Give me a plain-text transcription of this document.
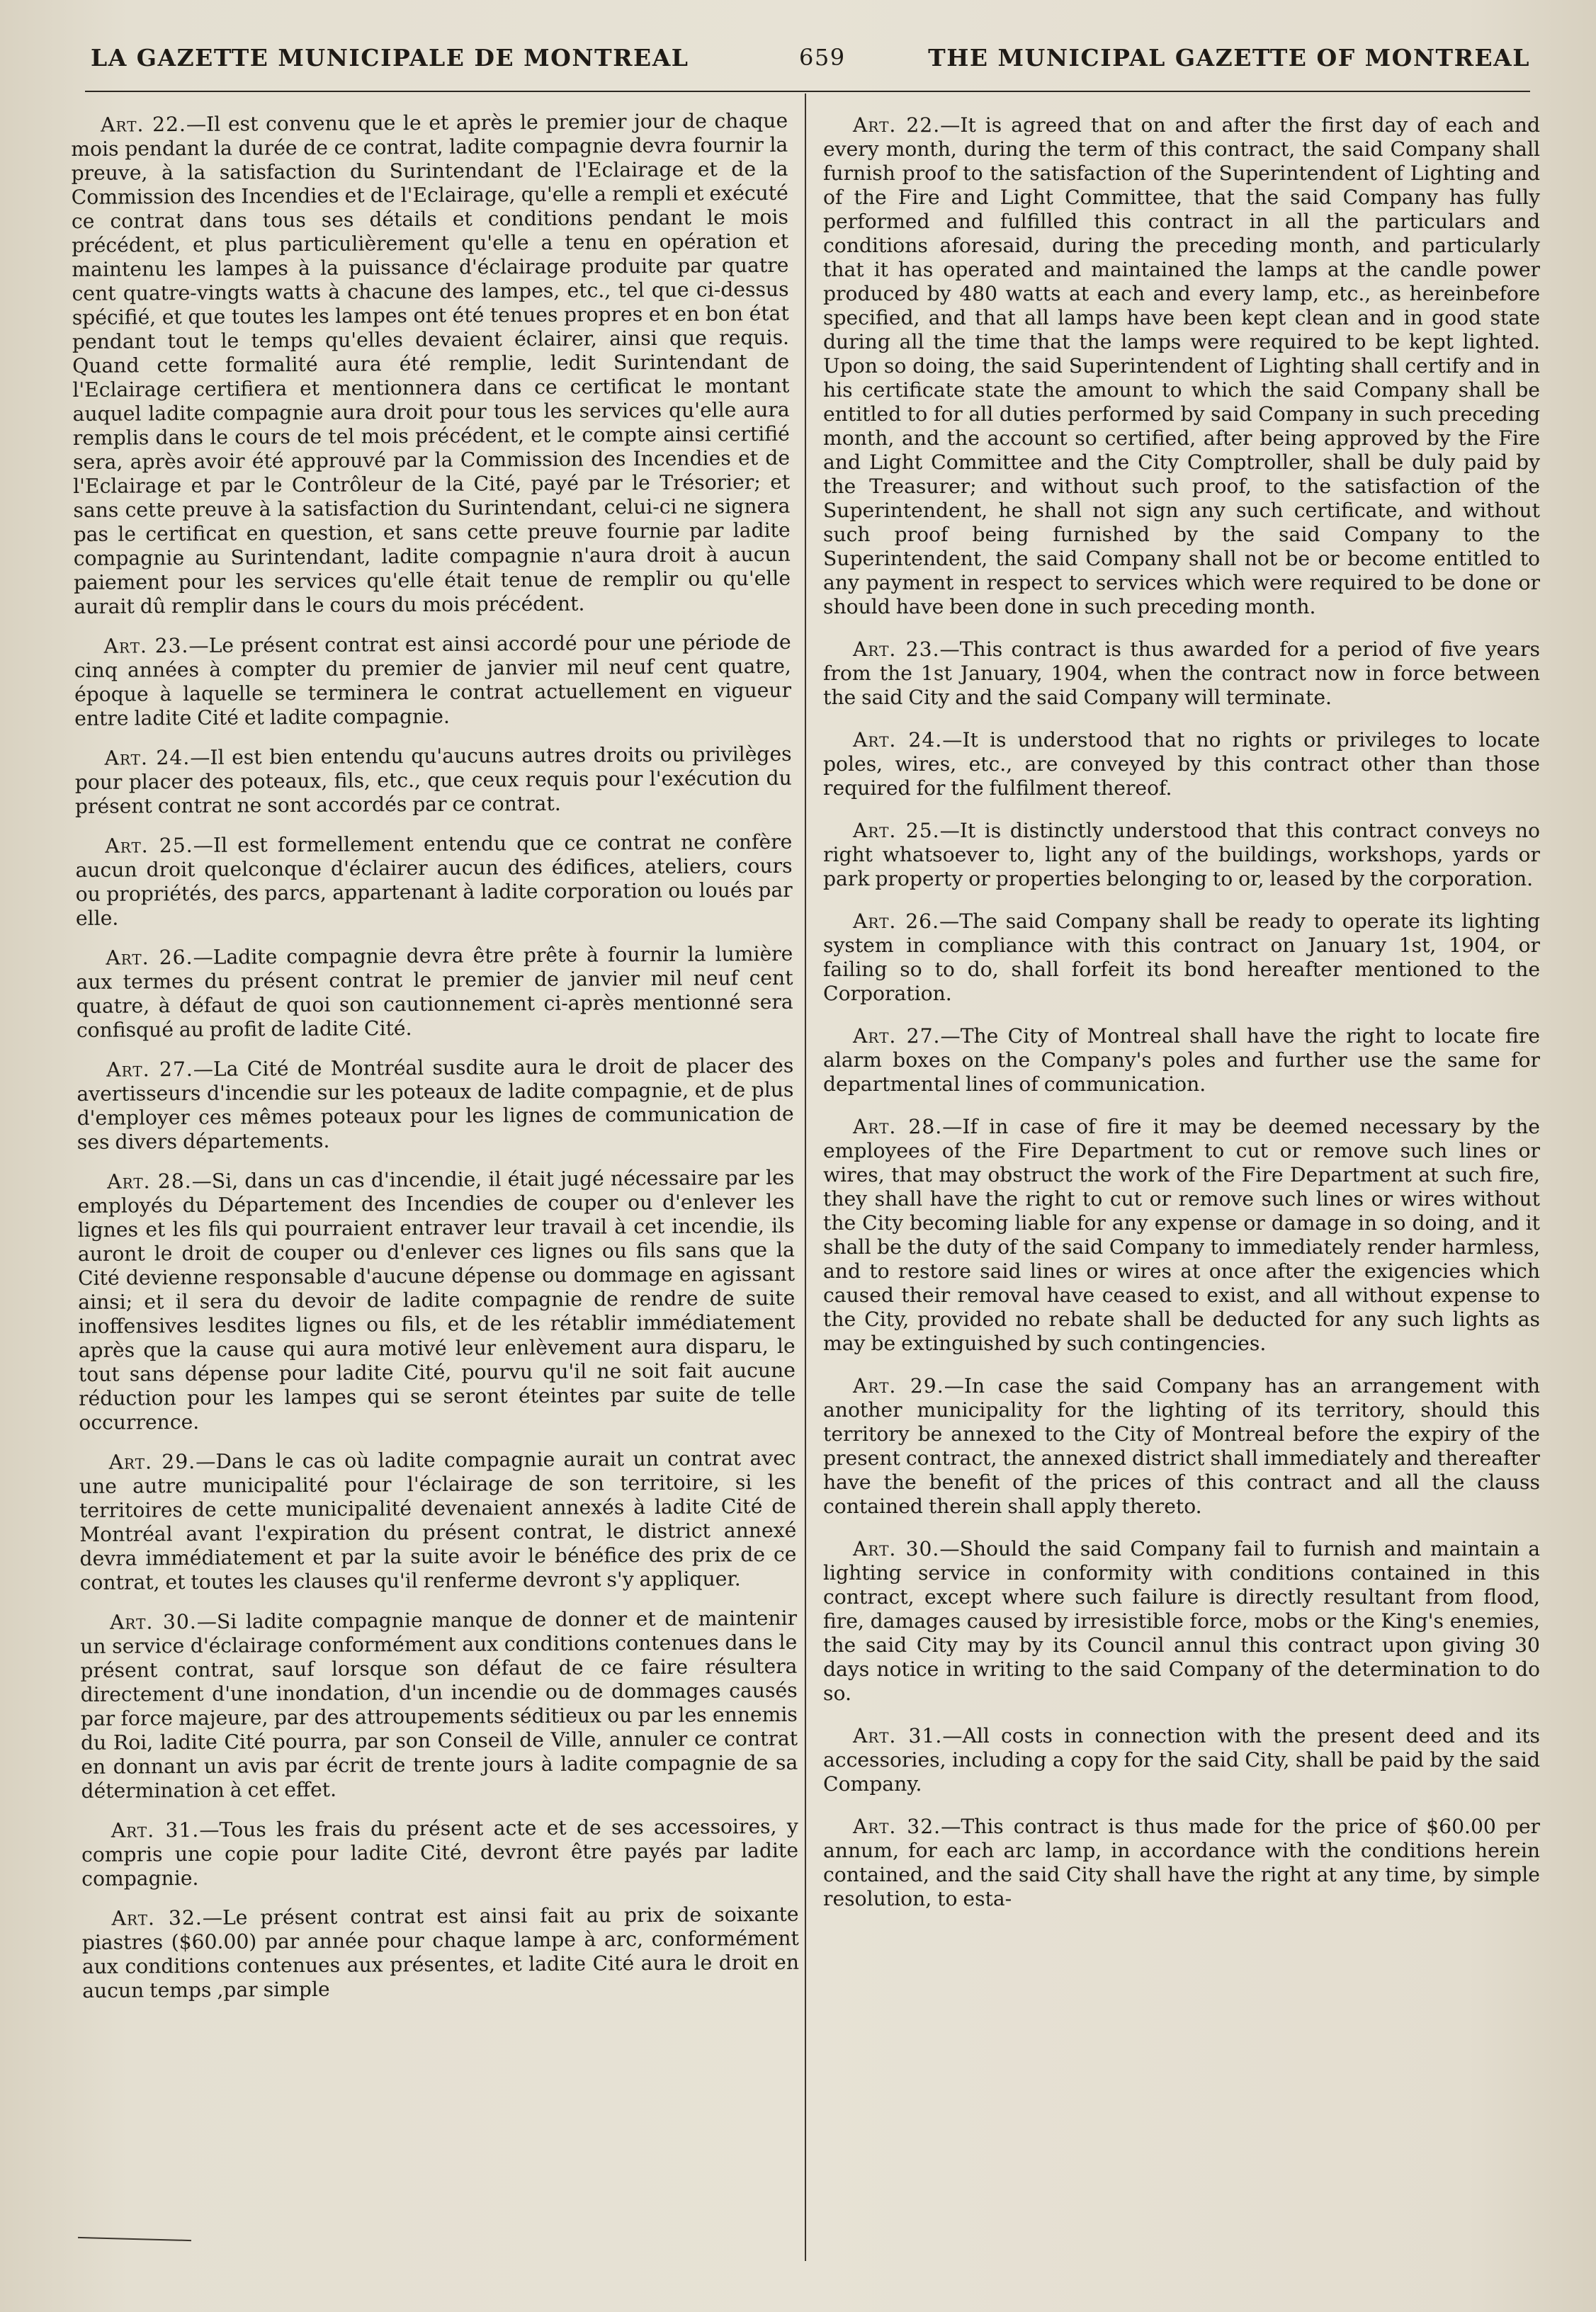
LA GAZETTE MUNICIPALE DE MONTREAL	659	THE MUNICIPAL GAZETTE OF MONTREAL

Art. 22.—Il est convenu que le et après le premier jour de chaque mois pendant la durée de ce contrat, ladite compagnie devra fournir la preuve, à la satisfaction du Surintendant de l'Eclairage et de la Commission des Incendies et de l'Eclairage, qu'elle a rempli et exécuté ce contrat dans tous ses détails et conditions pendant le mois précédent, et plus particulièrement qu'elle a tenu en opération et maintenu les lampes à la puissance d'éclairage produite par quatre cent quatre-vingts watts à chacune des lampes, etc., tel que ci-dessus spécifié, et que toutes les lampes ont été tenues propres et en bon état pendant tout le temps qu'elles devaient éclairer, ainsi que requis. Quand cette formalité aura été remplie, ledit Surintendant de l'Eclairage certifiera et mentionnera dans ce certificat le montant auquel ladite compagnie aura droit pour tous les services qu'elle aura remplis dans le cours de tel mois précédent, et le compte ainsi certifié sera, après avoir été approuvé par la Commission des Incendies et de l'Eclairage et par le Contrôleur de la Cité, payé par le Trésorier; et sans cette preuve à la satisfaction du Surintendant, celui-ci ne signera pas le certificat en question, et sans cette preuve fournie par ladite compagnie au Surintendant, ladite compagnie n'aura droit à aucun paiement pour les services qu'elle était tenue de remplir ou qu'elle aurait dû remplir dans le cours du mois précédent.

Art. 23.—Le présent contrat est ainsi accordé pour une période de cinq années à compter du premier de janvier mil neuf cent quatre, époque à laquelle se terminera le contrat actuellement en vigueur entre ladite Cité et ladite compagnie.

Art. 24.—Il est bien entendu qu'aucuns autres droits ou privilèges pour placer des poteaux, fils, etc., que ceux requis pour l'exécution du présent contrat ne sont accordés par ce contrat.

Art. 25.—Il est formellement entendu que ce contrat ne confère aucun droit quelconque d'éclairer aucun des édifices, ateliers, cours ou propriétés, des parcs, appartenant à ladite corporation ou loués par elle.

Art. 26.—Ladite compagnie devra être prête à fournir la lumière aux termes du présent contrat le premier de janvier mil neuf cent quatre, à défaut de quoi son cautionnement ci-après mentionné sera confisqué au profit de ladite Cité.

Art. 27.—La Cité de Montréal susdite aura le droit de placer des avertisseurs d'incendie sur les poteaux de ladite compagnie, et de plus d'employer ces mêmes poteaux pour les lignes de communication de ses divers départements.

Art. 28.—Si, dans un cas d'incendie, il était jugé nécessaire par les employés du Département des Incendies de couper ou d'enlever les lignes et les fils qui pourraient entraver leur travail à cet incendie, ils auront le droit de couper ou d'enlever ces lignes ou fils sans que la Cité devienne responsable d'aucune dépense ou dommage en agissant ainsi; et il sera du devoir de ladite compagnie de rendre de suite inoffensives lesdites lignes ou fils, et de les rétablir immédiatement après que la cause qui aura motivé leur enlèvement aura disparu, le tout sans dépense pour ladite Cité, pourvu qu'il ne soit fait aucune réduction pour les lampes qui se seront éteintes par suite de telle occurrence.

Art. 29.—Dans le cas où ladite compagnie aurait un contrat avec une autre municipalité pour l'éclairage de son territoire, si les territoires de cette municipalité devenaient annexés à ladite Cité de Montréal avant l'expiration du présent contrat, le district annexé devra immédiatement et par la suite avoir le bénéfice des prix de ce contrat, et toutes les clauses qu'il renferme devront s'y appliquer.

Art. 30.—Si ladite compagnie manque de donner et de maintenir un service d'éclairage conformément aux conditions contenues dans le présent contrat, sauf lorsque son défaut de ce faire résultera directement d'une inondation, d'un incendie ou de dommages causés par force majeure, par des attroupements séditieux ou par les ennemis du Roi, ladite Cité pourra, par son Conseil de Ville, annuler ce contrat en donnant un avis par écrit de trente jours à ladite compagnie de sa détermination à cet effet.

Art. 31.—Tous les frais du présent acte et de ses accessoires, y compris une copie pour ladite Cité, devront être payés par ladite compagnie.

Art. 32.—Le présent contrat est ainsi fait au prix de soixante piastres ($60.00) par année pour chaque lampe à arc, conformément aux conditions contenues aux présentes, et ladite Cité aura le droit en aucun temps ,par simple

Art. 22.—It is agreed that on and after the first day of each and every month, during the term of this contract, the said Company shall furnish proof to the satisfaction of the Superintendent of Lighting and of the Fire and Light Committee, that the said Company has fully performed and fulfilled this contract in all the particulars and conditions aforesaid, during the preceding month, and particularly that it has operated and maintained the lamps at the candle power produced by 480 watts at each and every lamp, etc., as hereinbefore specified, and that all lamps have been kept clean and in good state during all the time that the lamps were required to be kept lighted. Upon so doing, the said Superintendent of Lighting shall certify and in his certificate state the amount to which the said Company shall be entitled to for all duties performed by said Company in such preceding month, and the account so certified, after being approved by the Fire and Light Committee and the City Comptroller, shall be duly paid by the Treasurer; and without such proof, to the satisfaction of the Superintendent, he shall not sign any such certificate, and without such proof being furnished by the said Company to the Superintendent, the said Company shall not be or become entitled to any payment in respect to services which were required to be done or should have been done in such preceding month.

Art. 23.—This contract is thus awarded for a period of five years from the 1st January, 1904, when the contract now in force between the said City and the said Company will terminate.

Art. 24.—It is understood that no rights or privileges to locate poles, wires, etc., are conveyed by this contract other than those required for the fulfilment thereof.

Art. 25.—It is distinctly understood that this contract conveys no right whatsoever to, light any of the buildings, workshops, yards or park property or properties belonging to or, leased by the corporation.

Art. 26.—The said Company shall be ready to operate its lighting system in compliance with this contract on January 1st, 1904, or failing so to do, shall forfeit its bond hereafter mentioned to the Corporation.

Art. 27.—The City of Montreal shall have the right to locate fire alarm boxes on the Company's poles and further use the same for departmental lines of communication.

Art. 28.—If in case of fire it may be deemed necessary by the employees of the Fire Department to cut or remove such lines or wires, that may obstruct the work of the Fire Department at such fire, they shall have the right to cut or remove such lines or wires without the City becoming liable for any expense or damage in so doing, and it shall be the duty of the said Company to immediately render harmless, and to restore said lines or wires at once after the exigencies which caused their removal have ceased to exist, and all without expense to the City, provided no rebate shall be deducted for any such lights as may be extinguished by such contingencies.

Art. 29.—In case the said Company has an arrangement with another municipality for the lighting of its territory, should this territory be annexed to the City of Montreal before the expiry of the present contract, the annexed district shall immediately and thereafter have the benefit of the prices of this contract and all the clauss contained therein shall apply thereto.

Art. 30.—Should the said Company fail to furnish and maintain a lighting service in conformity with conditions contained in this contract, except where such failure is directly resultant from flood, fire, damages caused by irresistible force, mobs or the King's enemies, the said City may by its Council annul this contract upon giving 30 days notice in writing to the said Company of the determination to do so.

Art. 31.—All costs in connection with the present deed and its accessories, including a copy for the said City, shall be paid by the said Company.

Art. 32.—This contract is thus made for the price of $60.00 per annum, for each arc lamp, in accordance with the conditions herein contained, and the said City shall have the right at any time, by simple resolution, to esta-
